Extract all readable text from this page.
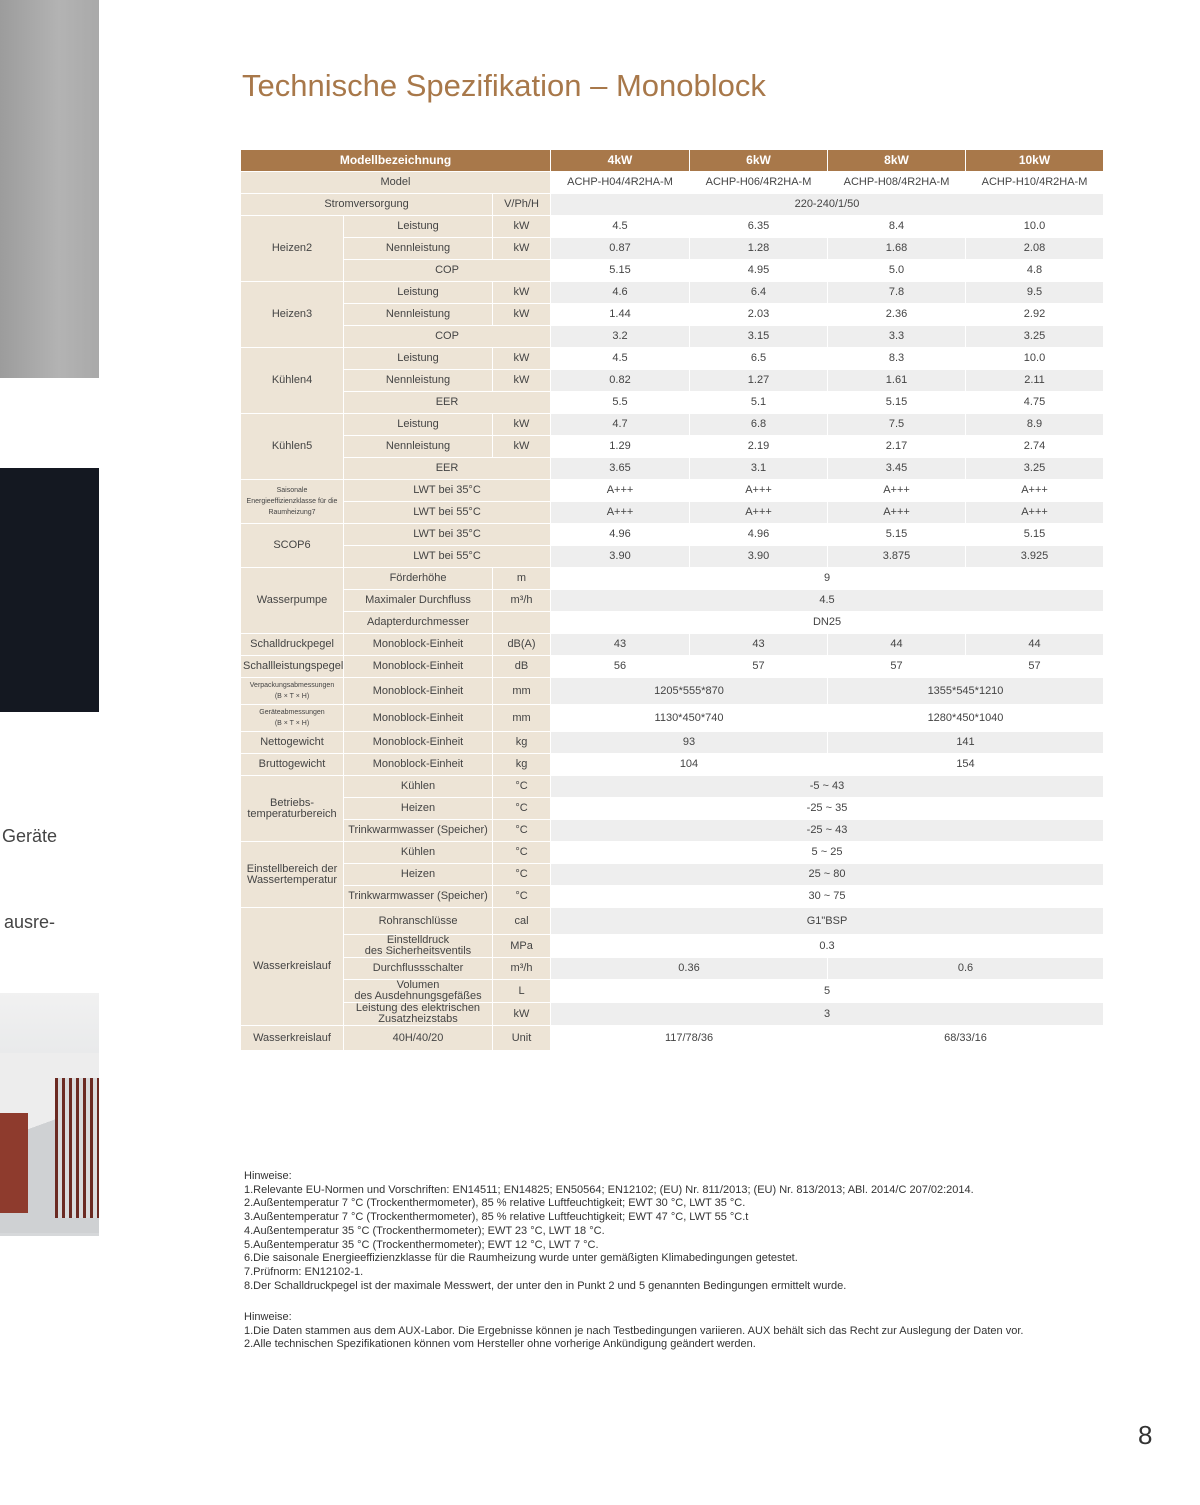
Geräte
ausre-
Technische Spezifikation – Monoblock
Modellbezeichnung			4kW	6kW	8kW	10kW
Model			ACHP-H04/4R2HA-M	ACHP-H06/4R2HA-M	ACHP-H08/4R2HA-M	ACHP-H10/4R2HA-M
Stromversorgung		V/Ph/H	220-240/1/50			
Heizen2	Leistung	kW	4.5	6.35	8.4	10.0
	Nennleistung	kW	0.87	1.28	1.68	2.08
	COP		5.15	4.95	5.0	4.8
Heizen3	Leistung	kW	4.6	6.4	7.8	9.5
	Nennleistung	kW	1.44	2.03	2.36	2.92
	COP		3.2	3.15	3.3	3.25
Kühlen4	Leistung	kW	4.5	6.5	8.3	10.0
	Nennleistung	kW	0.82	1.27	1.61	2.11
	EER		5.5	5.1	5.15	4.75
Kühlen5	Leistung	kW	4.7	6.8	7.5	8.9
	Nennleistung	kW	1.29	2.19	2.17	2.74
	EER		3.65	3.1	3.45	3.25
Saisonale Energieeffizienzklasse für die Raumheizung7	LWT bei 35°C		A+++	A+++	A+++	A+++
	LWT bei 55°C		A+++	A+++	A+++	A+++
SCOP6	LWT bei 35°C		4.96	4.96	5.15	5.15
	LWT bei 55°C		3.90	3.90	3.875	3.925
Wasserpumpe	Förderhöhe	m	9			
	Maximaler Durchfluss	m³/h	4.5			
	Adapterdurchmesser		DN25			
Schalldruckpegel	Monoblock-Einheit	dB(A)	43	43	44	44
Schallleistungspegel	Monoblock-Einheit	dB	56	57	57	57

Verpackungsabmessungen
(B × T × H)	Monoblock-Einheit	mm	1205*555*870		1355*545*1210	

Geräteabmessungen
(B × T × H)	Monoblock-Einheit	mm	1130*450*740		1280*450*1040	
Nettogewicht	Monoblock-Einheit	kg	93		141	
Bruttogewicht	Monoblock-Einheit	kg	104		154	

Betriebs-
temperaturbereich	Kühlen	°C	-5 ~ 43			
	Heizen	°C	-25 ~ 35			
	Trinkwarmwasser (Speicher)	°C	-25 ~ 43			

Einstellbereich der
Wassertemperatur	Kühlen	°C	5 ~ 25			
	Heizen	°C	25 ~ 80			
	Trinkwarmwasser (Speicher)	°C	30 ~ 75			
Wasserkreislauf	Rohranschlüsse	cal	G1"BSP			

	Einstelldruck
des Sicherheitsventils	MPa	0.3			
	Durchflussschalter	m³/h	0.36		0.6	

	Volumen
des Ausdehnungsgefäßes	L	5			

	Leistung des elektrischen
Zusatzheizstabs	kW	3			
Wasserkreislauf	40H/40/20	Unit	117/78/36		68/33/16	
Hinweise:
1.Relevante EU-Normen und Vorschriften: EN14511; EN14825; EN50564; EN12102; (EU) Nr. 811/2013; (EU) Nr. 813/2013; ABl. 2014/C 207/02:2014.
2.Außentemperatur 7 °C (Trockenthermometer), 85 % relative Luftfeuchtigkeit; EWT 30 °C, LWT 35 °C.
3.Außentemperatur 7 °C (Trockenthermometer), 85 % relative Luftfeuchtigkeit; EWT 47 °C, LWT 55 °C.t
4.Außentemperatur 35 °C (Trockenthermometer); EWT 23 °C, LWT 18 °C.
5.Außentemperatur 35 °C (Trockenthermometer); EWT 12 °C, LWT 7 °C.
6.Die saisonale Energieeffizienzklasse für die Raumheizung wurde unter gemäßigten Klimabedingungen getestet.
7.Prüfnorm: EN12102-1.
8.Der Schalldruckpegel ist der maximale Messwert, der unter den in Punkt 2 und 5 genannten Bedingungen ermittelt wurde.
Hinweise:
1.Die Daten stammen aus dem AUX-Labor. Die Ergebnisse können je nach Testbedingungen variieren. AUX behält sich das Recht zur Auslegung der Daten vor.
2.Alle technischen Spezifikationen können vom Hersteller ohne vorherige Ankündigung geändert werden.
8
